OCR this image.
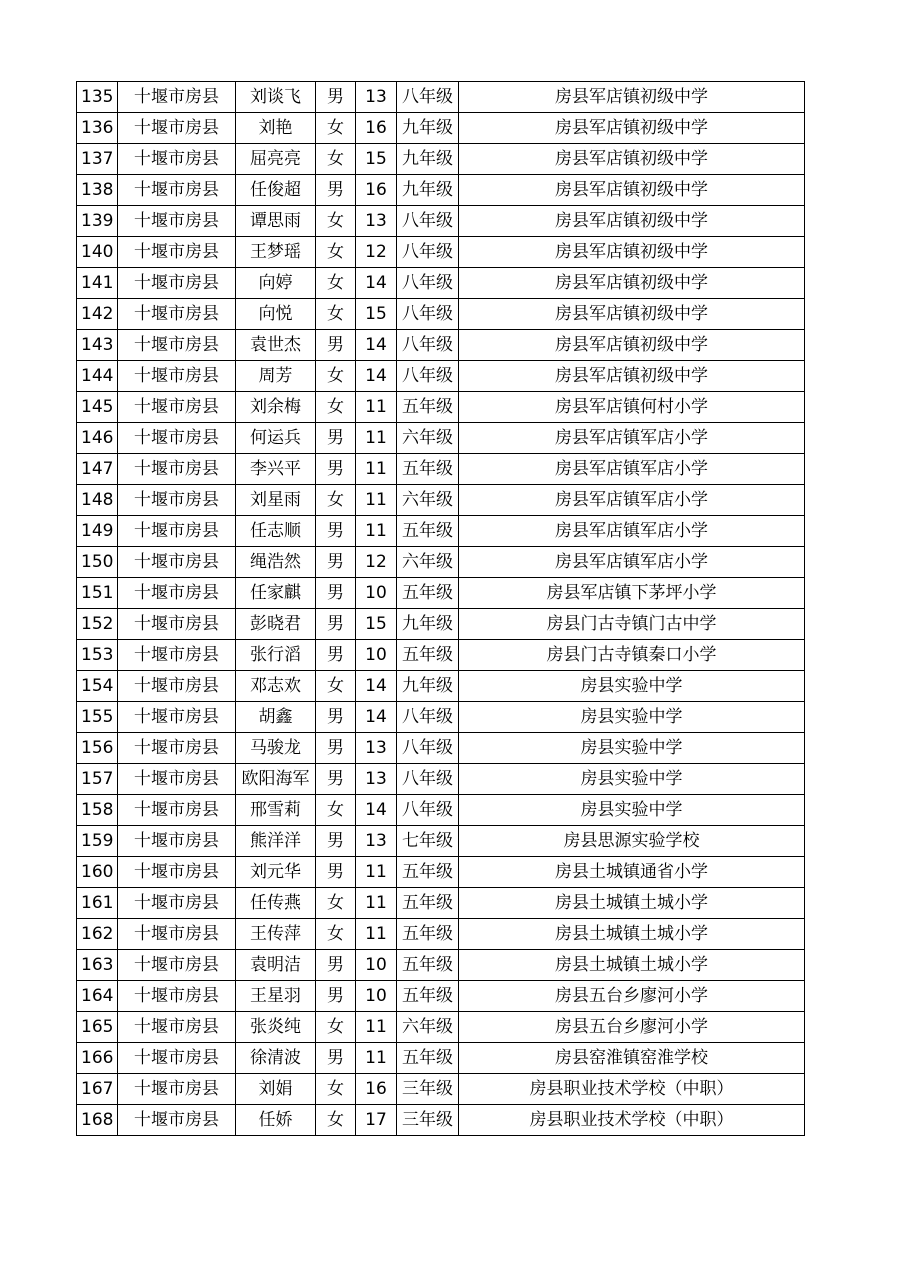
135	十堰市房县	刘谈飞	男	13	八年级	房县军店镇初级中学
136	十堰市房县	刘艳	女	16	九年级	房县军店镇初级中学
137	十堰市房县	屈亮亮	女	15	九年级	房县军店镇初级中学
138	十堰市房县	任俊超	男	16	九年级	房县军店镇初级中学
139	十堰市房县	谭思雨	女	13	八年级	房县军店镇初级中学
140	十堰市房县	王梦瑶	女	12	八年级	房县军店镇初级中学
141	十堰市房县	向婷	女	14	八年级	房县军店镇初级中学
142	十堰市房县	向悦	女	15	八年级	房县军店镇初级中学
143	十堰市房县	袁世杰	男	14	八年级	房县军店镇初级中学
144	十堰市房县	周芳	女	14	八年级	房县军店镇初级中学
145	十堰市房县	刘余梅	女	11	五年级	房县军店镇何村小学
146	十堰市房县	何运兵	男	11	六年级	房县军店镇军店小学
147	十堰市房县	李兴平	男	11	五年级	房县军店镇军店小学
148	十堰市房县	刘星雨	女	11	六年级	房县军店镇军店小学
149	十堰市房县	任志顺	男	11	五年级	房县军店镇军店小学
150	十堰市房县	绳浩然	男	12	六年级	房县军店镇军店小学
151	十堰市房县	任家麒	男	10	五年级	房县军店镇下茅坪小学
152	十堰市房县	彭晓君	男	15	九年级	房县门古寺镇门古中学
153	十堰市房县	张行滔	男	10	五年级	房县门古寺镇秦口小学
154	十堰市房县	邓志欢	女	14	九年级	房县实验中学
155	十堰市房县	胡鑫	男	14	八年级	房县实验中学
156	十堰市房县	马骏龙	男	13	八年级	房县实验中学
157	十堰市房县	欧阳海军	男	13	八年级	房县实验中学
158	十堰市房县	邢雪莉	女	14	八年级	房县实验中学
159	十堰市房县	熊洋洋	男	13	七年级	房县思源实验学校
160	十堰市房县	刘元华	男	11	五年级	房县土城镇通省小学
161	十堰市房县	任传燕	女	11	五年级	房县土城镇土城小学
162	十堰市房县	王传萍	女	11	五年级	房县土城镇土城小学
163	十堰市房县	袁明洁	男	10	五年级	房县土城镇土城小学
164	十堰市房县	王星羽	男	10	五年级	房县五台乡廖河小学
165	十堰市房县	张炎纯	女	11	六年级	房县五台乡廖河小学
166	十堰市房县	徐清波	男	11	五年级	房县窑淮镇窑淮学校
167	十堰市房县	刘娟	女	16	三年级	房县职业技术学校（中职）
168	十堰市房县	任娇	女	17	三年级	房县职业技术学校（中职）
